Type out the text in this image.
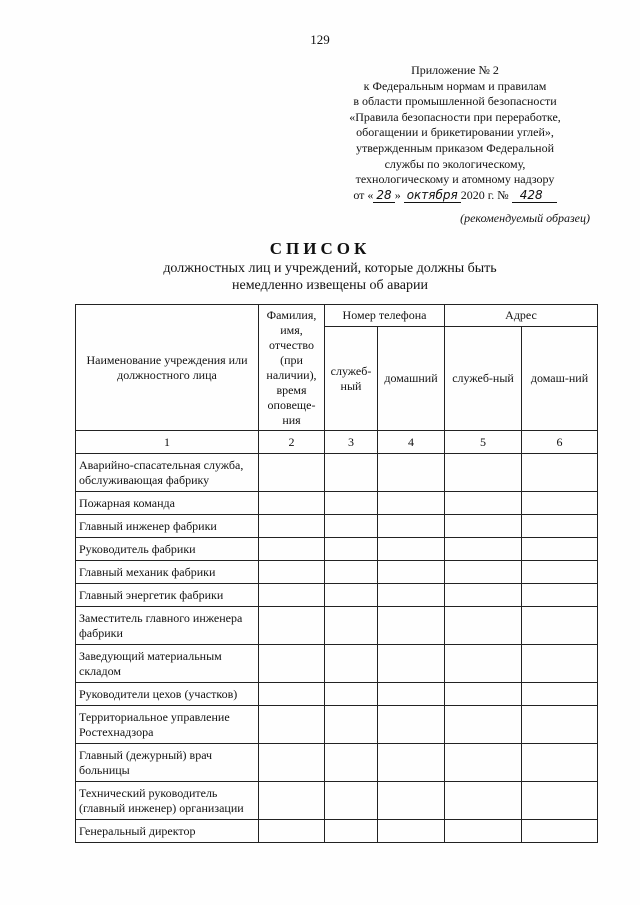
129
Приложение № 2
к Федеральным нормам и правилам
в области промышленной безопасности
«Правила безопасности при переработке,
обогащении и брикетировании углей»,
утвержденным приказом Федеральной
службы по экологическому,
технологическому и атомному надзору
от « 28 » октября 2020 г. № 428
(рекомендуемый образец)
СПИСОК
должностных лиц и учреждений, которые должны быть немедленно извещены об аварии
Наименование учреждения или должностного лица	Фамилия, имя, отчество (при наличии), время оповеще-ния	Номер телефона		Адрес	
		служеб-ный	домашний	служеб-ный	домаш-ний
1	2	3	4	5	6
Аварийно-спасательная служба, обслуживающая фабрику					
Пожарная команда					
Главный инженер фабрики					
Руководитель фабрики					
Главный механик фабрики					
Главный энергетик фабрики					
Заместитель главного инженера фабрики					
Заведующий материальным складом					
Руководители цехов (участков)					
Территориальное управление Ростехнадзора					
Главный (дежурный) врач больницы					
Технический руководитель (главный инженер) организации					
Генеральный директор					
